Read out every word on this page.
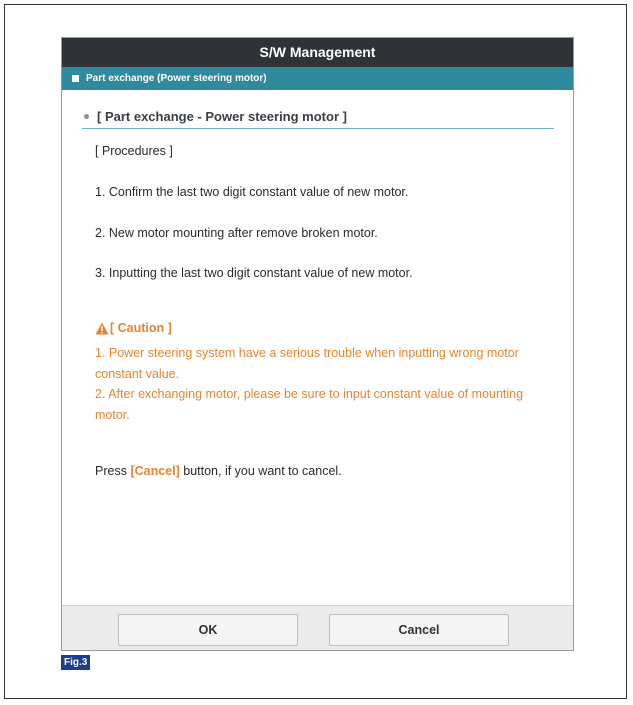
S/W Management
Part exchange (Power steering motor)
[ Part exchange - Power steering motor ]
[ Procedures ]
1. Confirm the last two digit constant value of new motor.
2. New motor mounting after remove broken motor.
3. Inputting the last two digit constant value of new motor.
[ Caution ]

1. Power steering system have a serious trouble when inputting wrong motor constant value.

2. After exchanging motor, please be sure to input constant value of mounting motor.

Press [Cancel] button, if you want to cancel.
OK	Cancel
Fig.3
